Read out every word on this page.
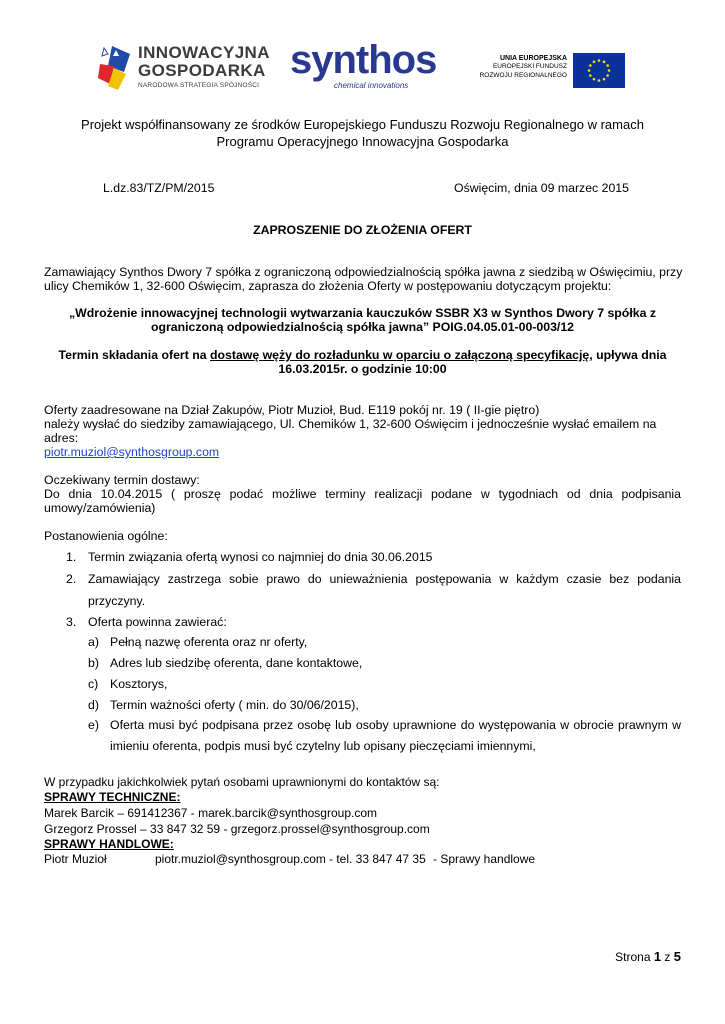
INNOWACYJNA
GOSPODARKA
NARODOWA STRATEGIA SPÓJNOŚCI
synthos
chemical innovations
UNIA EUROPEJSKA
EUROPEJSKI FUNDUSZ
ROZWOJU REGIONALNEGO
Projekt współfinansowany ze środków Europejskiego Funduszu Rozwoju Regionalnego w ramach
Programu Operacyjnego Innowacyjna Gospodarka
L.dz.83/TZ/PM/2015	Oświęcim, dnia 09 marzec 2015
ZAPROSZENIE DO ZŁOŻENIA OFERT
Zamawiający Synthos Dwory 7 spółka z ograniczoną odpowiedzialnością spółka jawna z siedzibą w Oświęcimiu, przy
ulicy Chemików 1, 32-600 Oświęcim, zaprasza do złożenia Oferty w postępowaniu dotyczącym projektu:
„Wdrożenie innowacyjnej technologii wytwarzania kauczuków SSBR X3 w Synthos Dwory 7 spółka z
ograniczoną odpowiedzialnością spółka jawna” POIG.04.05.01-00-003/12
Termin składania ofert na dostawę węży do rozładunku w oparciu o załączoną specyfikację, upływa dnia
16.03.2015r. o godzinie 10:00
Oferty zaadresowane na Dział Zakupów, Piotr Muzioł, Bud. E119 pokój nr. 19 ( II-gie piętro)
należy wysłać do siedziby zamawiającego, Ul. Chemików 1, 32-600 Oświęcim i jednocześnie wysłać emailem na
adres:
piotr.muziol@synthosgroup.com
Oczekiwany termin dostawy:
Do dnia 10.04.2015 ( proszę podać możliwe terminy realizacji podane w tygodniach od dnia podpisania
umowy/zamówienia)
Postanowienia ogólne:
1. Termin związania ofertą wynosi co najmniej do dnia 30.06.2015
2. Zamawiający zastrzega sobie prawo do unieważnienia postępowania w każdym czasie bez podania
przyczyny.
3. Oferta powinna zawierać:
a) Pełną nazwę oferenta oraz nr oferty,
b) Adres lub siedzibę oferenta, dane kontaktowe,
c) Kosztorys,
d) Termin ważności oferty ( min. do 30/06/2015),
e) Oferta musi być podpisana przez osobę lub osoby uprawnione do występowania w obrocie prawnym w
imieniu oferenta, podpis musi być czytelny lub opisany pieczęciami imiennymi,
W przypadku jakichkolwiek pytań osobami uprawnionymi do kontaktów są:
SPRAWY TECHNICZNE:
Marek Barcik – 691412367 - marek.barcik@synthosgroup.com
Grzegorz Prossel – 33 847 32 59 - grzegorz.prossel@synthosgroup.com
SPRAWY HANDLOWE:
Piotr Muzioł	piotr.muziol@synthosgroup.com - tel. 33 847 47 35 - Sprawy handlowe
Strona 1 z 5
